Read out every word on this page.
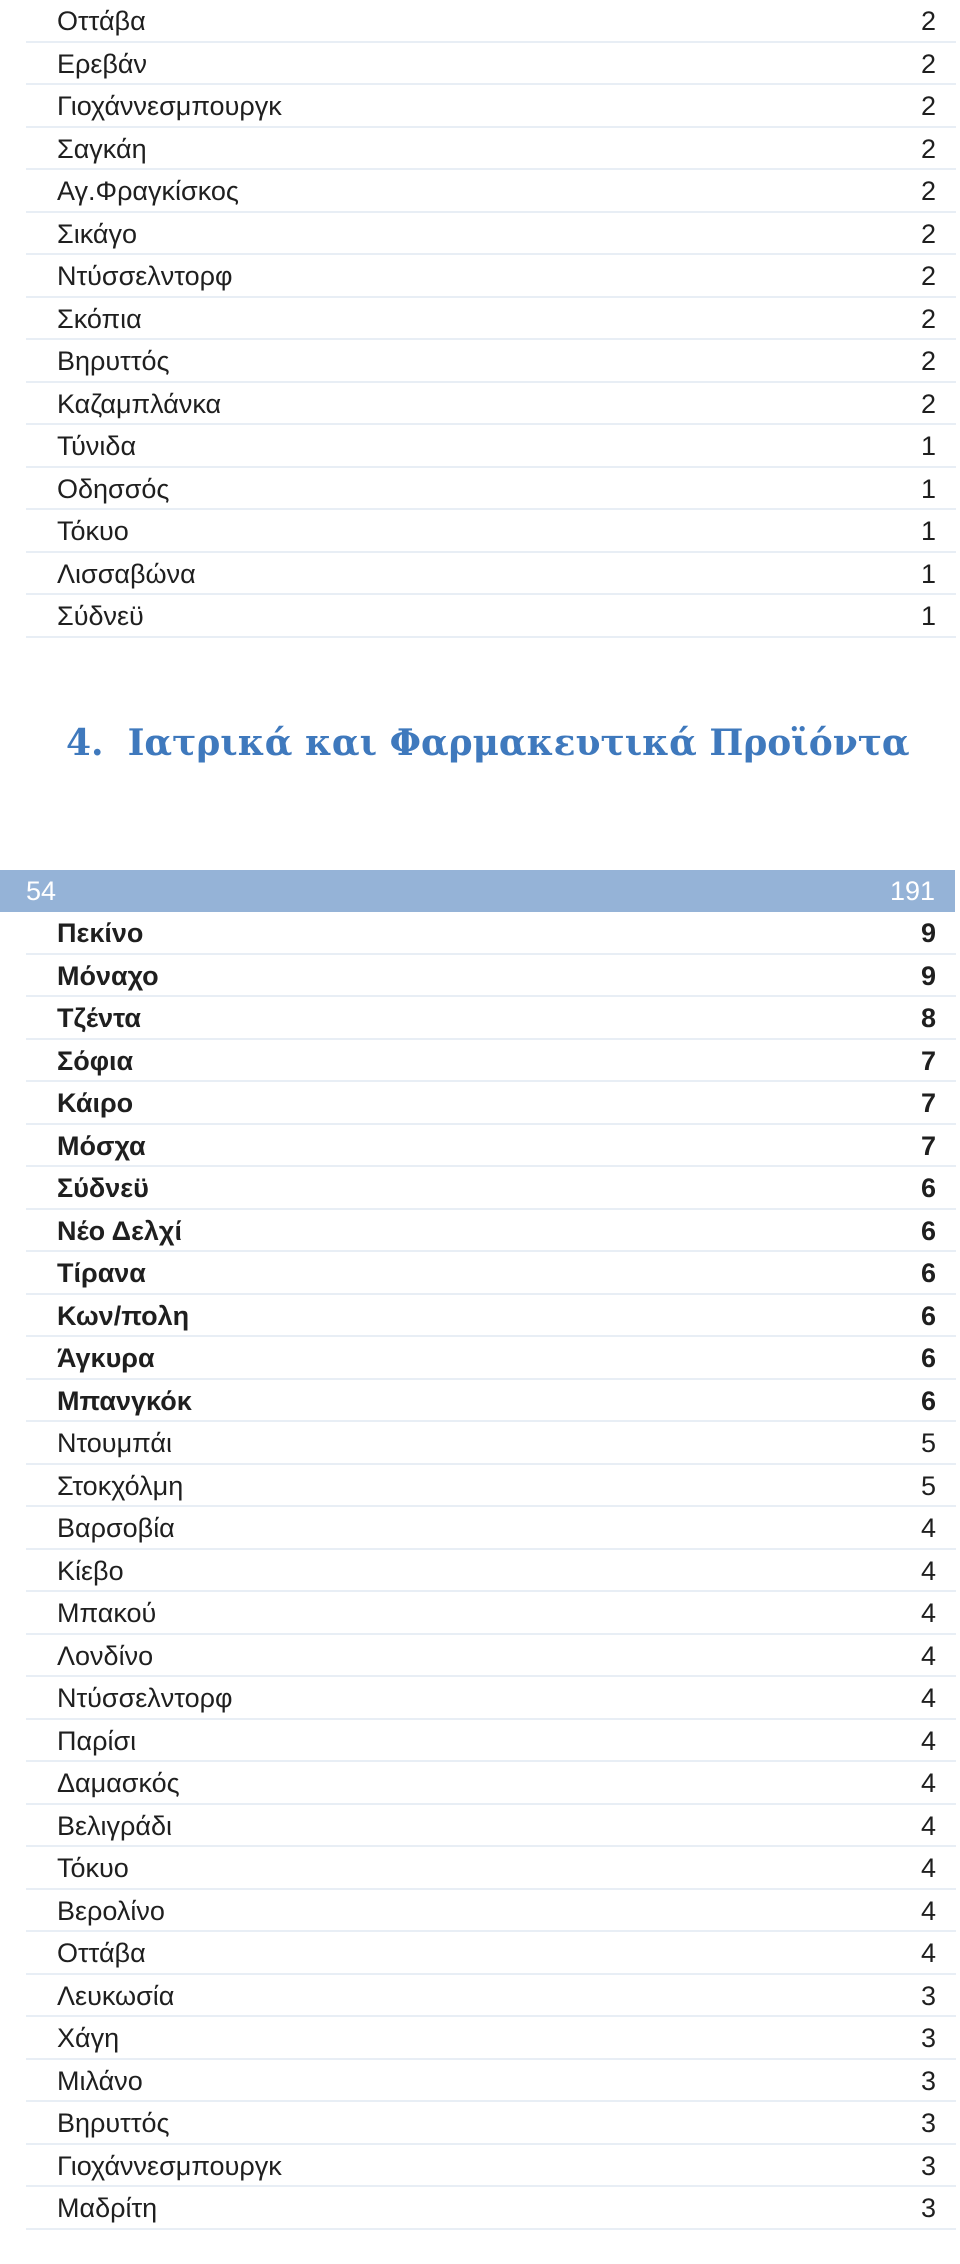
Οττάβα	2
Ερεβάν	2
Γιοχάννεσμπουργκ	2
Σαγκάη	2
Αγ.Φραγκίσκος	2
Σικάγο	2
Ντύσσελντορφ	2
Σκόπια	2
Βηρυττός	2
Καζαμπλάνκα	2
Τύνιδα	1
Οδησσός	1
Τόκυο	1
Λισσαβώνα	1
Σύδνεϋ	1
4. Ιατρικά και Φαρμακευτικά Προϊόντα
54	191
Πεκίνο	9
Μόναχο	9
Τζέντα	8
Σόφια	7
Κάιρο	7
Μόσχα	7
Σύδνεϋ	6
Νέο Δελχί	6
Τίρανα	6
Κων/πολη	6
Άγκυρα	6
Μπανγκόκ	6
Ντουμπάι	5
Στοκχόλμη	5
Βαρσοβία	4
Κίεβο	4
Μπακού	4
Λονδίνο	4
Ντύσσελντορφ	4
Παρίσι	4
Δαμασκός	4
Βελιγράδι	4
Τόκυο	4
Βερολίνο	4
Οττάβα	4
Λευκωσία	3
Χάγη	3
Μιλάνο	3
Βηρυττός	3
Γιοχάννεσμπουργκ	3
Μαδρίτη	3
